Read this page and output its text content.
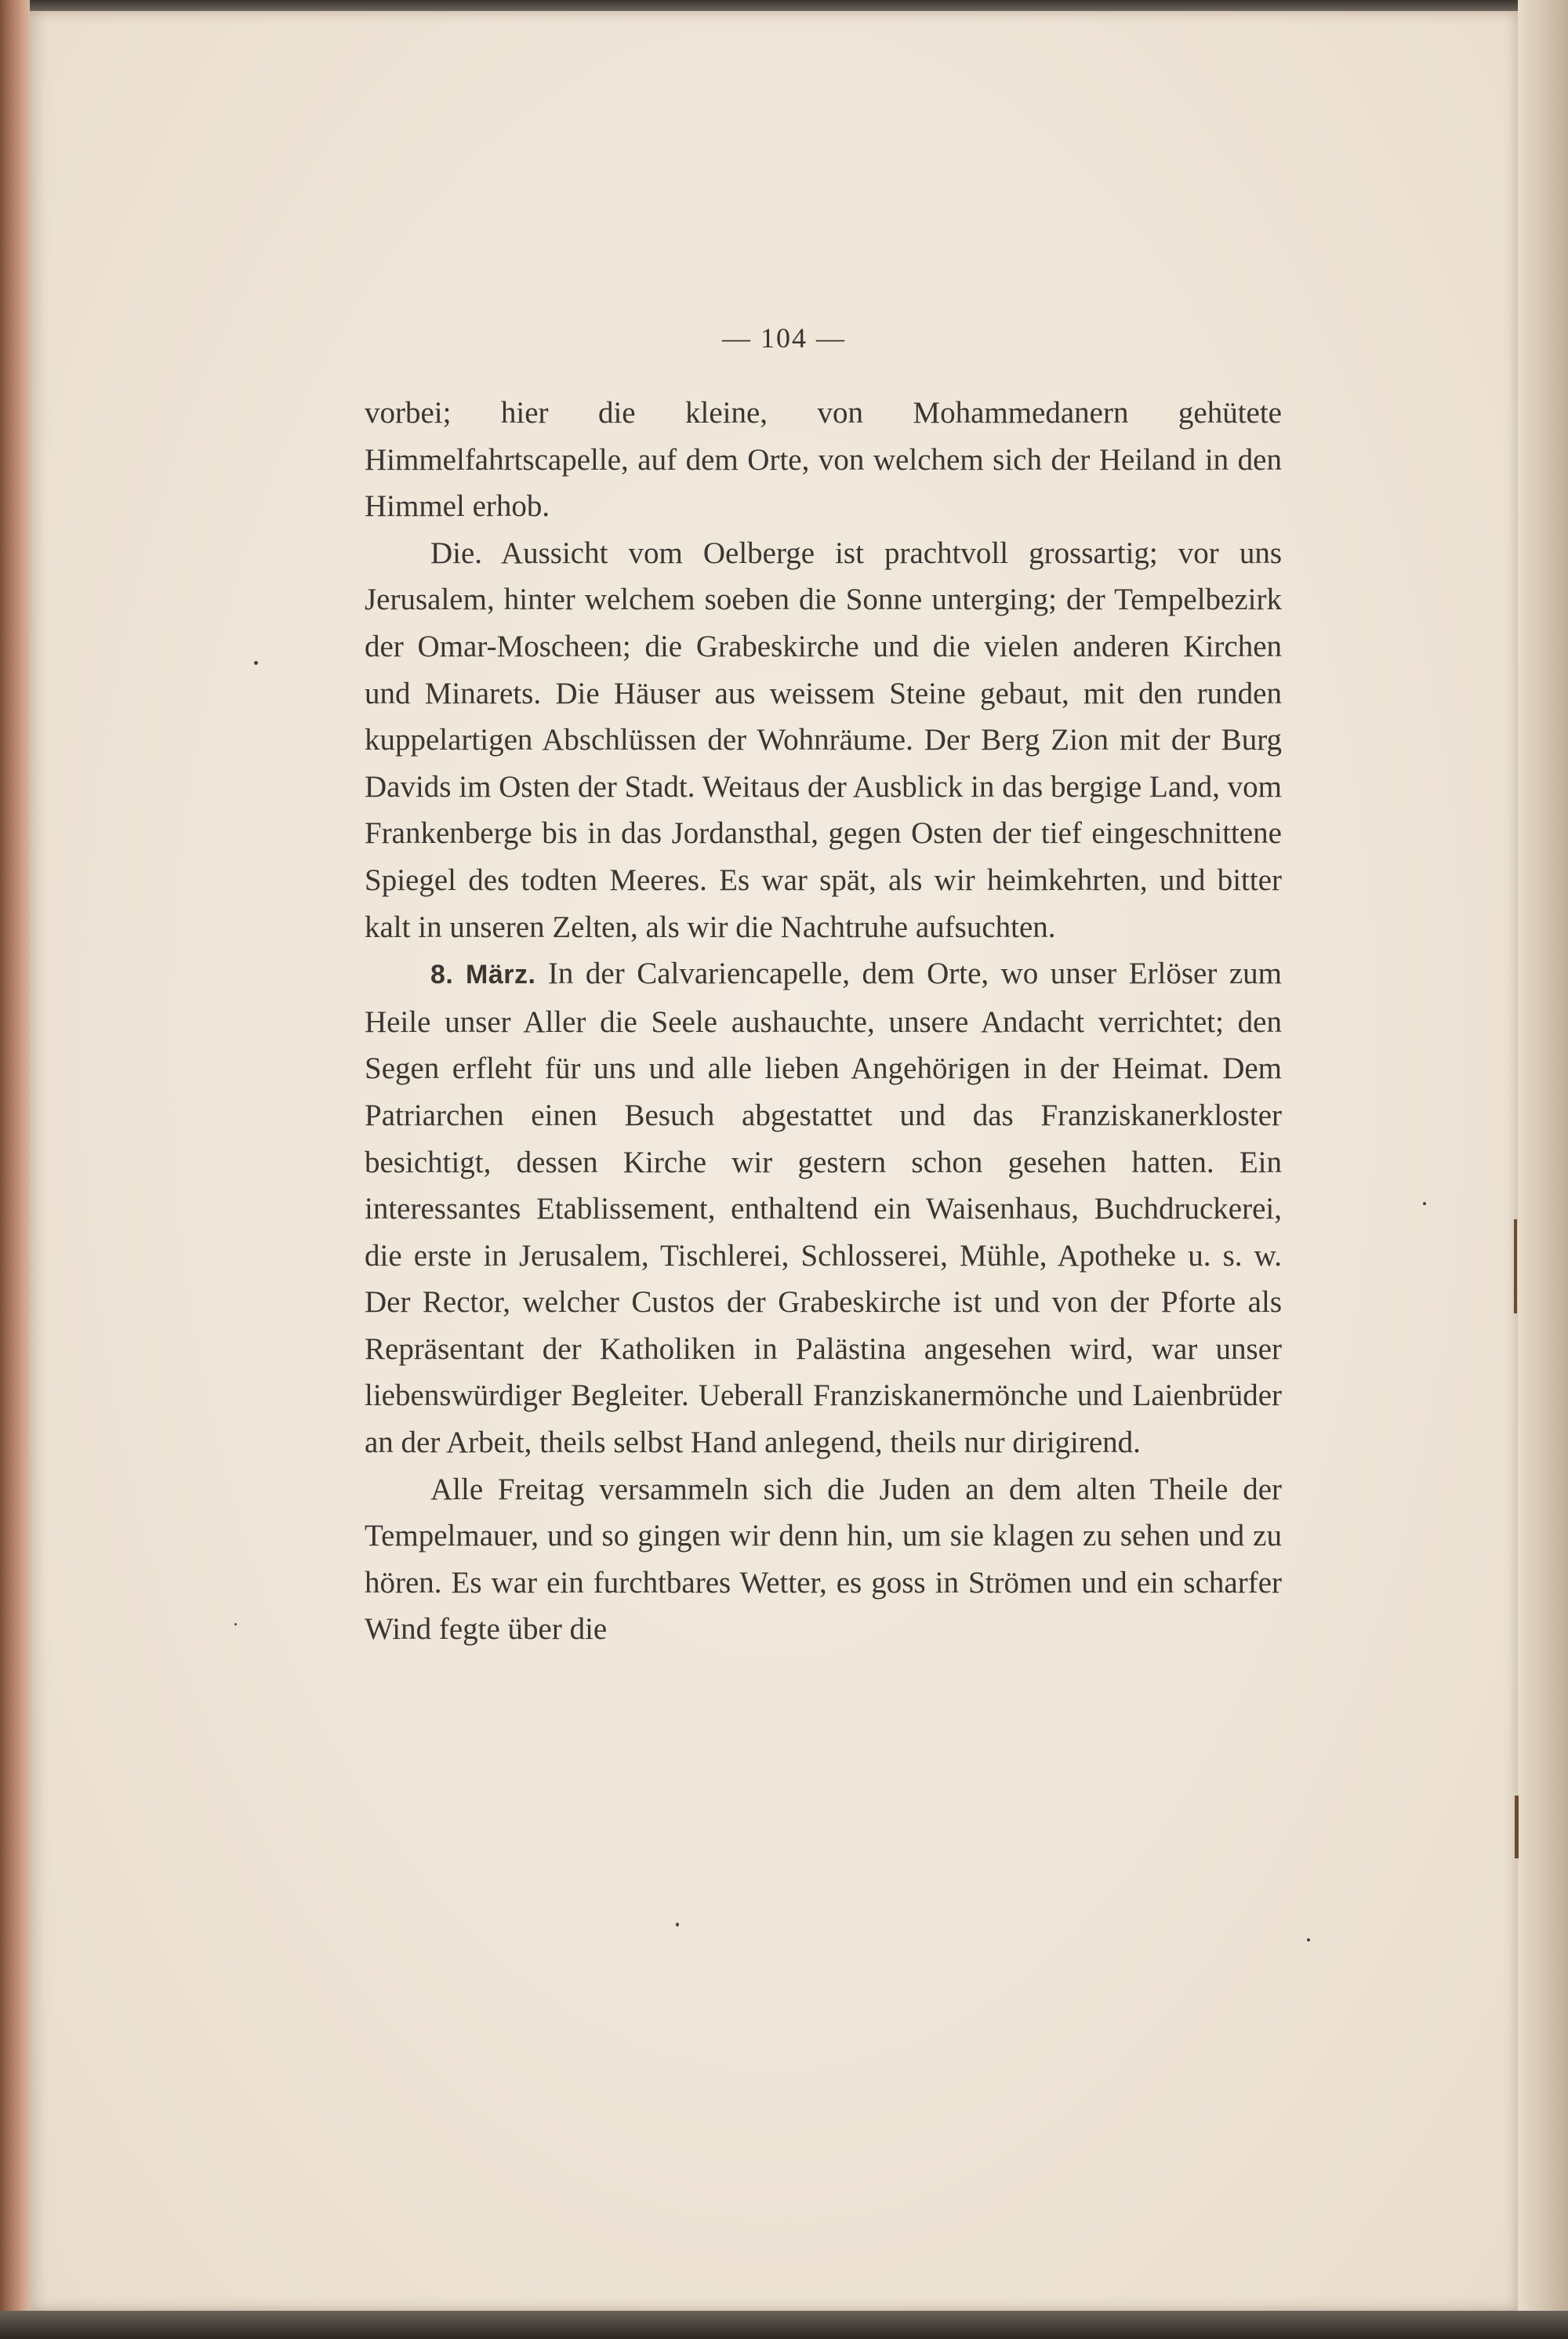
— 104 —

vorbei; hier die kleine, von Mohammedanern gehütete Himmelfahrtscapelle, auf dem Orte, von welchem sich der Heiland in den Himmel erhob.

Die. Aussicht vom Oelberge ist prachtvoll grossartig; vor uns Jerusalem, hinter welchem soeben die Sonne unterging; der Tempelbezirk der Omar-Moscheen; die Grabeskirche und die vielen anderen Kirchen und Minarets. Die Häuser aus weissem Steine gebaut, mit den runden kuppelartigen Abschlüssen der Wohnräume. Der Berg Zion mit der Burg Davids im Osten der Stadt. Weitaus der Ausblick in das bergige Land, vom Frankenberge bis in das Jordansthal, gegen Osten der tief eingeschnittene Spiegel des todten Meeres. Es war spät, als wir heimkehrten, und bitter kalt in unseren Zelten, als wir die Nachtruhe aufsuchten.

8. März. In der Calvariencapelle, dem Orte, wo unser Erlöser zum Heile unser Aller die Seele aushauchte, unsere Andacht verrichtet; den Segen erfleht für uns und alle lieben Angehörigen in der Heimat. Dem Patriarchen einen Besuch abgestattet und das Franziskanerkloster besichtigt, dessen Kirche wir gestern schon gesehen hatten. Ein interessantes Etablissement, enthaltend ein Waisenhaus, Buchdruckerei, die erste in Jerusalem, Tischlerei, Schlosserei, Mühle, Apotheke u. s. w. Der Rector, welcher Custos der Grabeskirche ist und von der Pforte als Repräsentant der Katholiken in Palästina angesehen wird, war unser liebenswürdiger Begleiter. Ueberall Franziskanermönche und Laienbrüder an der Arbeit, theils selbst Hand anlegend, theils nur dirigirend.

Alle Freitag versammeln sich die Juden an dem alten Theile der Tempelmauer, und so gingen wir denn hin, um sie klagen zu sehen und zu hören. Es war ein furchtbares Wetter, es goss in Strömen und ein scharfer Wind fegte über die
